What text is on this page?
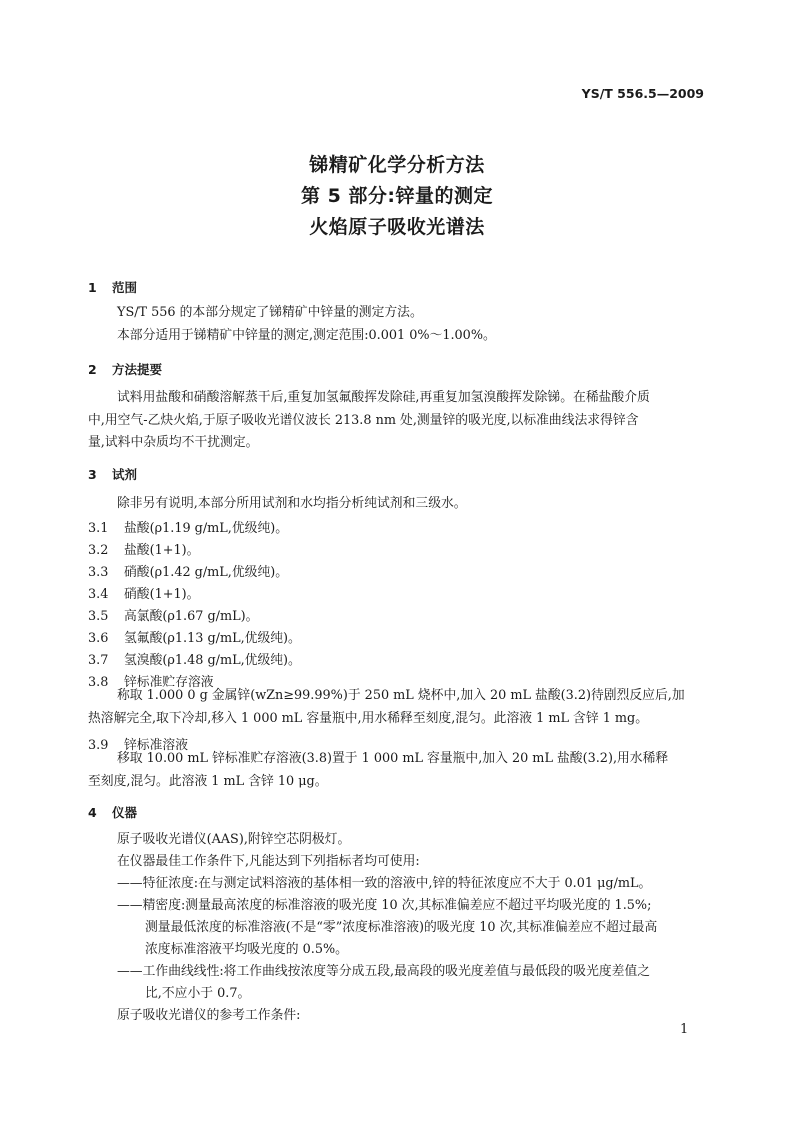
YS/T 556.5—2009
锑精矿化学分析方法
第 5 部分:锌量的测定
火焰原子吸收光谱法
1 范围
YS/T 556 的本部分规定了锑精矿中锌量的测定方法。
本部分适用于锑精矿中锌量的测定,测定范围:0.001 0%～1.00%。
2 方法提要
试料用盐酸和硝酸溶解蒸干后,重复加氢氟酸挥发除硅,再重复加氢溴酸挥发除锑。在稀盐酸介质
中,用空气-乙炔火焰,于原子吸收光谱仪波长 213.8 nm 处,测量锌的吸光度,以标准曲线法求得锌含
量,试料中杂质均不干扰测定。
3 试剂
除非另有说明,本部分所用试剂和水均指分析纯试剂和三级水。
3.1 盐酸(ρ1.19 g/mL,优级纯)。
3.2 盐酸(1+1)。
3.3 硝酸(ρ1.42 g/mL,优级纯)。
3.4 硝酸(1+1)。
3.5 高氯酸(ρ1.67 g/mL)。
3.6 氢氟酸(ρ1.13 g/mL,优级纯)。
3.7 氢溴酸(ρ1.48 g/mL,优级纯)。
3.8 锌标准贮存溶液
称取 1.000 0 g 金属锌(wZn≥99.99%)于 250 mL 烧杯中,加入 20 mL 盐酸(3.2)待剧烈反应后,加
热溶解完全,取下冷却,移入 1 000 mL 容量瓶中,用水稀释至刻度,混匀。此溶液 1 mL 含锌 1 mg。
3.9 锌标准溶液
移取 10.00 mL 锌标准贮存溶液(3.8)置于 1 000 mL 容量瓶中,加入 20 mL 盐酸(3.2),用水稀释
至刻度,混匀。此溶液 1 mL 含锌 10 μg。
4 仪器
原子吸收光谱仪(AAS),附锌空芯阴极灯。
在仪器最佳工作条件下,凡能达到下列指标者均可使用:
——特征浓度:在与测定试料溶液的基体相一致的溶液中,锌的特征浓度应不大于 0.01 μg/mL。
——精密度:测量最高浓度的标准溶液的吸光度 10 次,其标准偏差应不超过平均吸光度的 1.5%;
测量最低浓度的标准溶液(不是“零”浓度标准溶液)的吸光度 10 次,其标准偏差应不超过最高
浓度标准溶液平均吸光度的 0.5%。
——工作曲线线性:将工作曲线按浓度等分成五段,最高段的吸光度差值与最低段的吸光度差值之
比,不应小于 0.7。
原子吸收光谱仪的参考工作条件:
1
